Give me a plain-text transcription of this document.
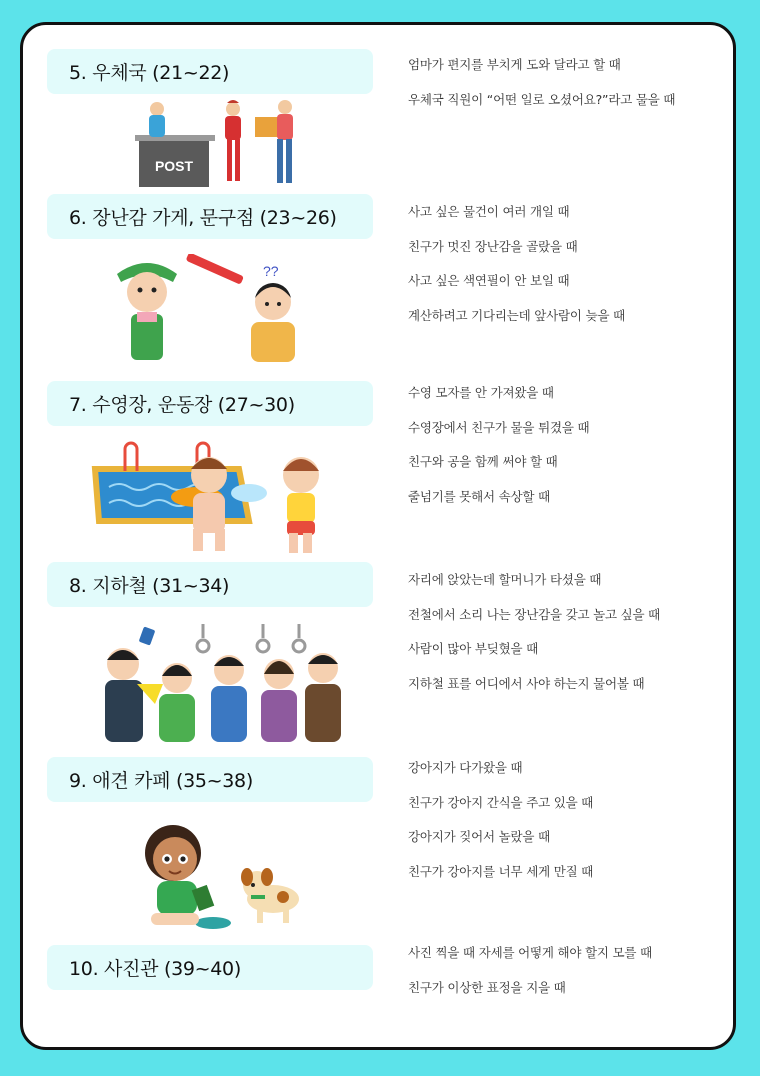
5. 우체국 (21~22)	엄마가 편지를 부치게 도와 달라고 할 때
우체국 직원이 “어떤 일로 오셨어요?”라고 물을 때
POST
6. 장난감 가게, 문구점 (23~26)	사고 싶은 물건이 여러 개일 때
친구가 멋진 장난감을 골랐을 때
사고 싶은 색연필이 안 보일 때
계산하려고 기다리는데 앞사람이 늦을 때
??
7. 수영장, 운동장 (27~30)
수영 모자를 안 가져왔을 때
수영장에서 친구가 물을 튀겼을 때
친구와 공을 함께 써야 할 때
줄넘기를 못해서 속상할 때
8. 지하철 (31~34)	자리에 앉았는데 할머니가 타셨을 때
전철에서 소리 나는 장난감을 갖고 놀고 싶을 때
사람이 많아 부딪혔을 때
지하철 표를 어디에서 사야 하는지 물어볼 때
9. 애견 카페 (35~38)
강아지가 다가왔을 때
친구가 강아지 간식을 주고 있을 때
강아지가 짖어서 놀랐을 때
친구가 강아지를 너무 세게 만질 때
10. 사진관 (39~40)
사진 찍을 때 자세를 어떻게 해야 할지 모를 때
친구가 이상한 표정을 지을 때
